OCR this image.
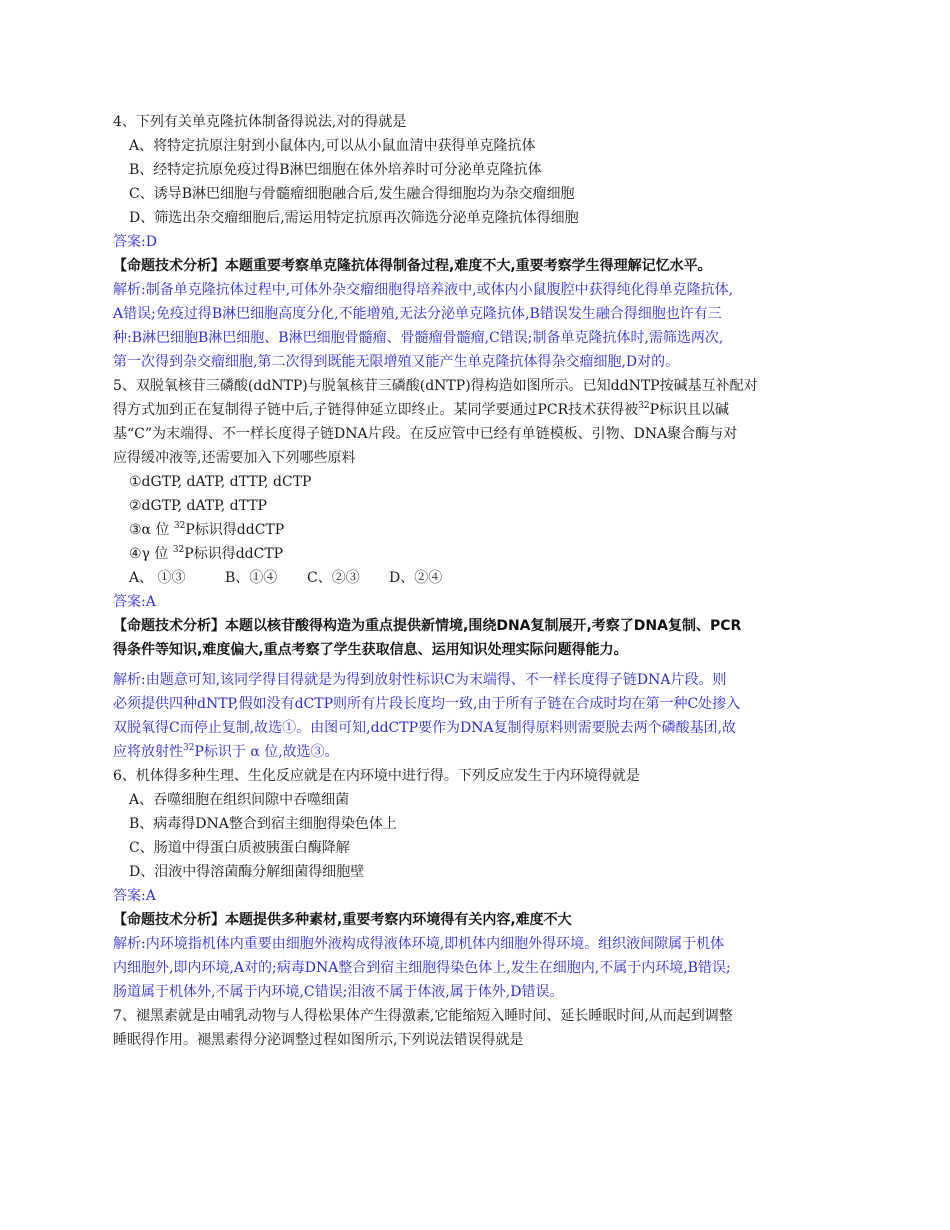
4、下列有关单克隆抗体制备得说法,对的得就是
A、将特定抗原注射到小鼠体内,可以从小鼠血清中获得单克隆抗体
B、经特定抗原免疫过得B淋巴细胞在体外培养时可分泌单克隆抗体
C、诱导B淋巴细胞与骨髓瘤细胞融合后,发生融合得细胞均为杂交瘤细胞
D、筛选出杂交瘤细胞后,需运用特定抗原再次筛选分泌单克隆抗体得细胞
答案:D
【命题技术分析】本题重要考察单克隆抗体得制备过程,难度不大,重要考察学生得理解记忆水平。
解析:制备单克隆抗体过程中,可体外杂交瘤细胞得培养液中,或体内小鼠腹腔中获得纯化得单克隆抗体,
A错误;免疫过得B淋巴细胞高度分化,不能增殖,无法分泌单克隆抗体,B错误发生融合得细胞也许有三
种:B淋巴细胞B淋巴细胞、B淋巴细胞骨髓瘤、骨髓瘤骨髓瘤,C错误;制备单克隆抗体时,需筛选两次,
第一次得到杂交瘤细胞,第二次得到既能无限增殖又能产生单克隆抗体得杂交瘤细胞,D对的。
5、双脱氧核苷三磷酸(ddNTP)与脱氧核苷三磷酸(dNTP)得构造如图所示。已知ddNTP按碱基互补配对
得方式加到正在复制得子链中后,子链得伸延立即终止。某同学要通过PCR技术获得被$^{32}$P标识且以碱
基“C”为末端得、不一样长度得子链DNA片段。在反应管中已经有单链模板、引物、DNA聚合酶与对
应得缓冲液等,还需要加入下列哪些原料
①dGTP, dATP, dTTP, dCTP
②dGTP, dATP, dTTP
③α 位 $^{32}$P标识得ddCTP
④γ 位 $^{32}$P标识得ddCTP
A、 ①③	B、①④ C、②③ D、②④
答案:A
【命题技术分析】本题以核苷酸得构造为重点提供新情境,围绕DNA复制展开,考察了DNA复制、PCR
得条件等知识,难度偏大,重点考察了学生获取信息、运用知识处理实际问题得能力。
解析:由题意可知,该同学得目得就是为得到放射性标识C为末端得、不一样长度得子链DNA片段。则
必须提供四种dNTP,假如没有dCTP则所有片段长度均一致,由于所有子链在合成时均在第一种C处掺入
双脱氧得C而停止复制,故选①。由图可知,ddCTP要作为DNA复制得原料则需要脱去两个磷酸基团,故
应将放射性$^{32}$P标识于 α 位,故选③。
6、机体得多种生理、生化反应就是在内环境中进行得。下列反应发生于内环境得就是
A、吞噬细胞在组织间隙中吞噬细菌
B、病毒得DNA整合到宿主细胞得染色体上
C、肠道中得蛋白质被胰蛋白酶降解
D、泪液中得溶菌酶分解细菌得细胞壁
答案:A
【命题技术分析】本题提供多种素材,重要考察内环境得有关内容,难度不大
解析:内环境指机体内重要由细胞外液构成得液体环境,即机体内细胞外得环境。组织液间隙属于机体
内细胞外,即内环境,A对的;病毒DNA整合到宿主细胞得染色体上,发生在细胞内,不属于内环境,B错误;
肠道属于机体外,不属于内环境,C错误;泪液不属于体液,属于体外,D错误。
7、褪黑素就是由哺乳动物与人得松果体产生得激素,它能缩短入睡时间、延长睡眠时间,从而起到调整
睡眠得作用。褪黑素得分泌调整过程如图所示,下列说法错误得就是
